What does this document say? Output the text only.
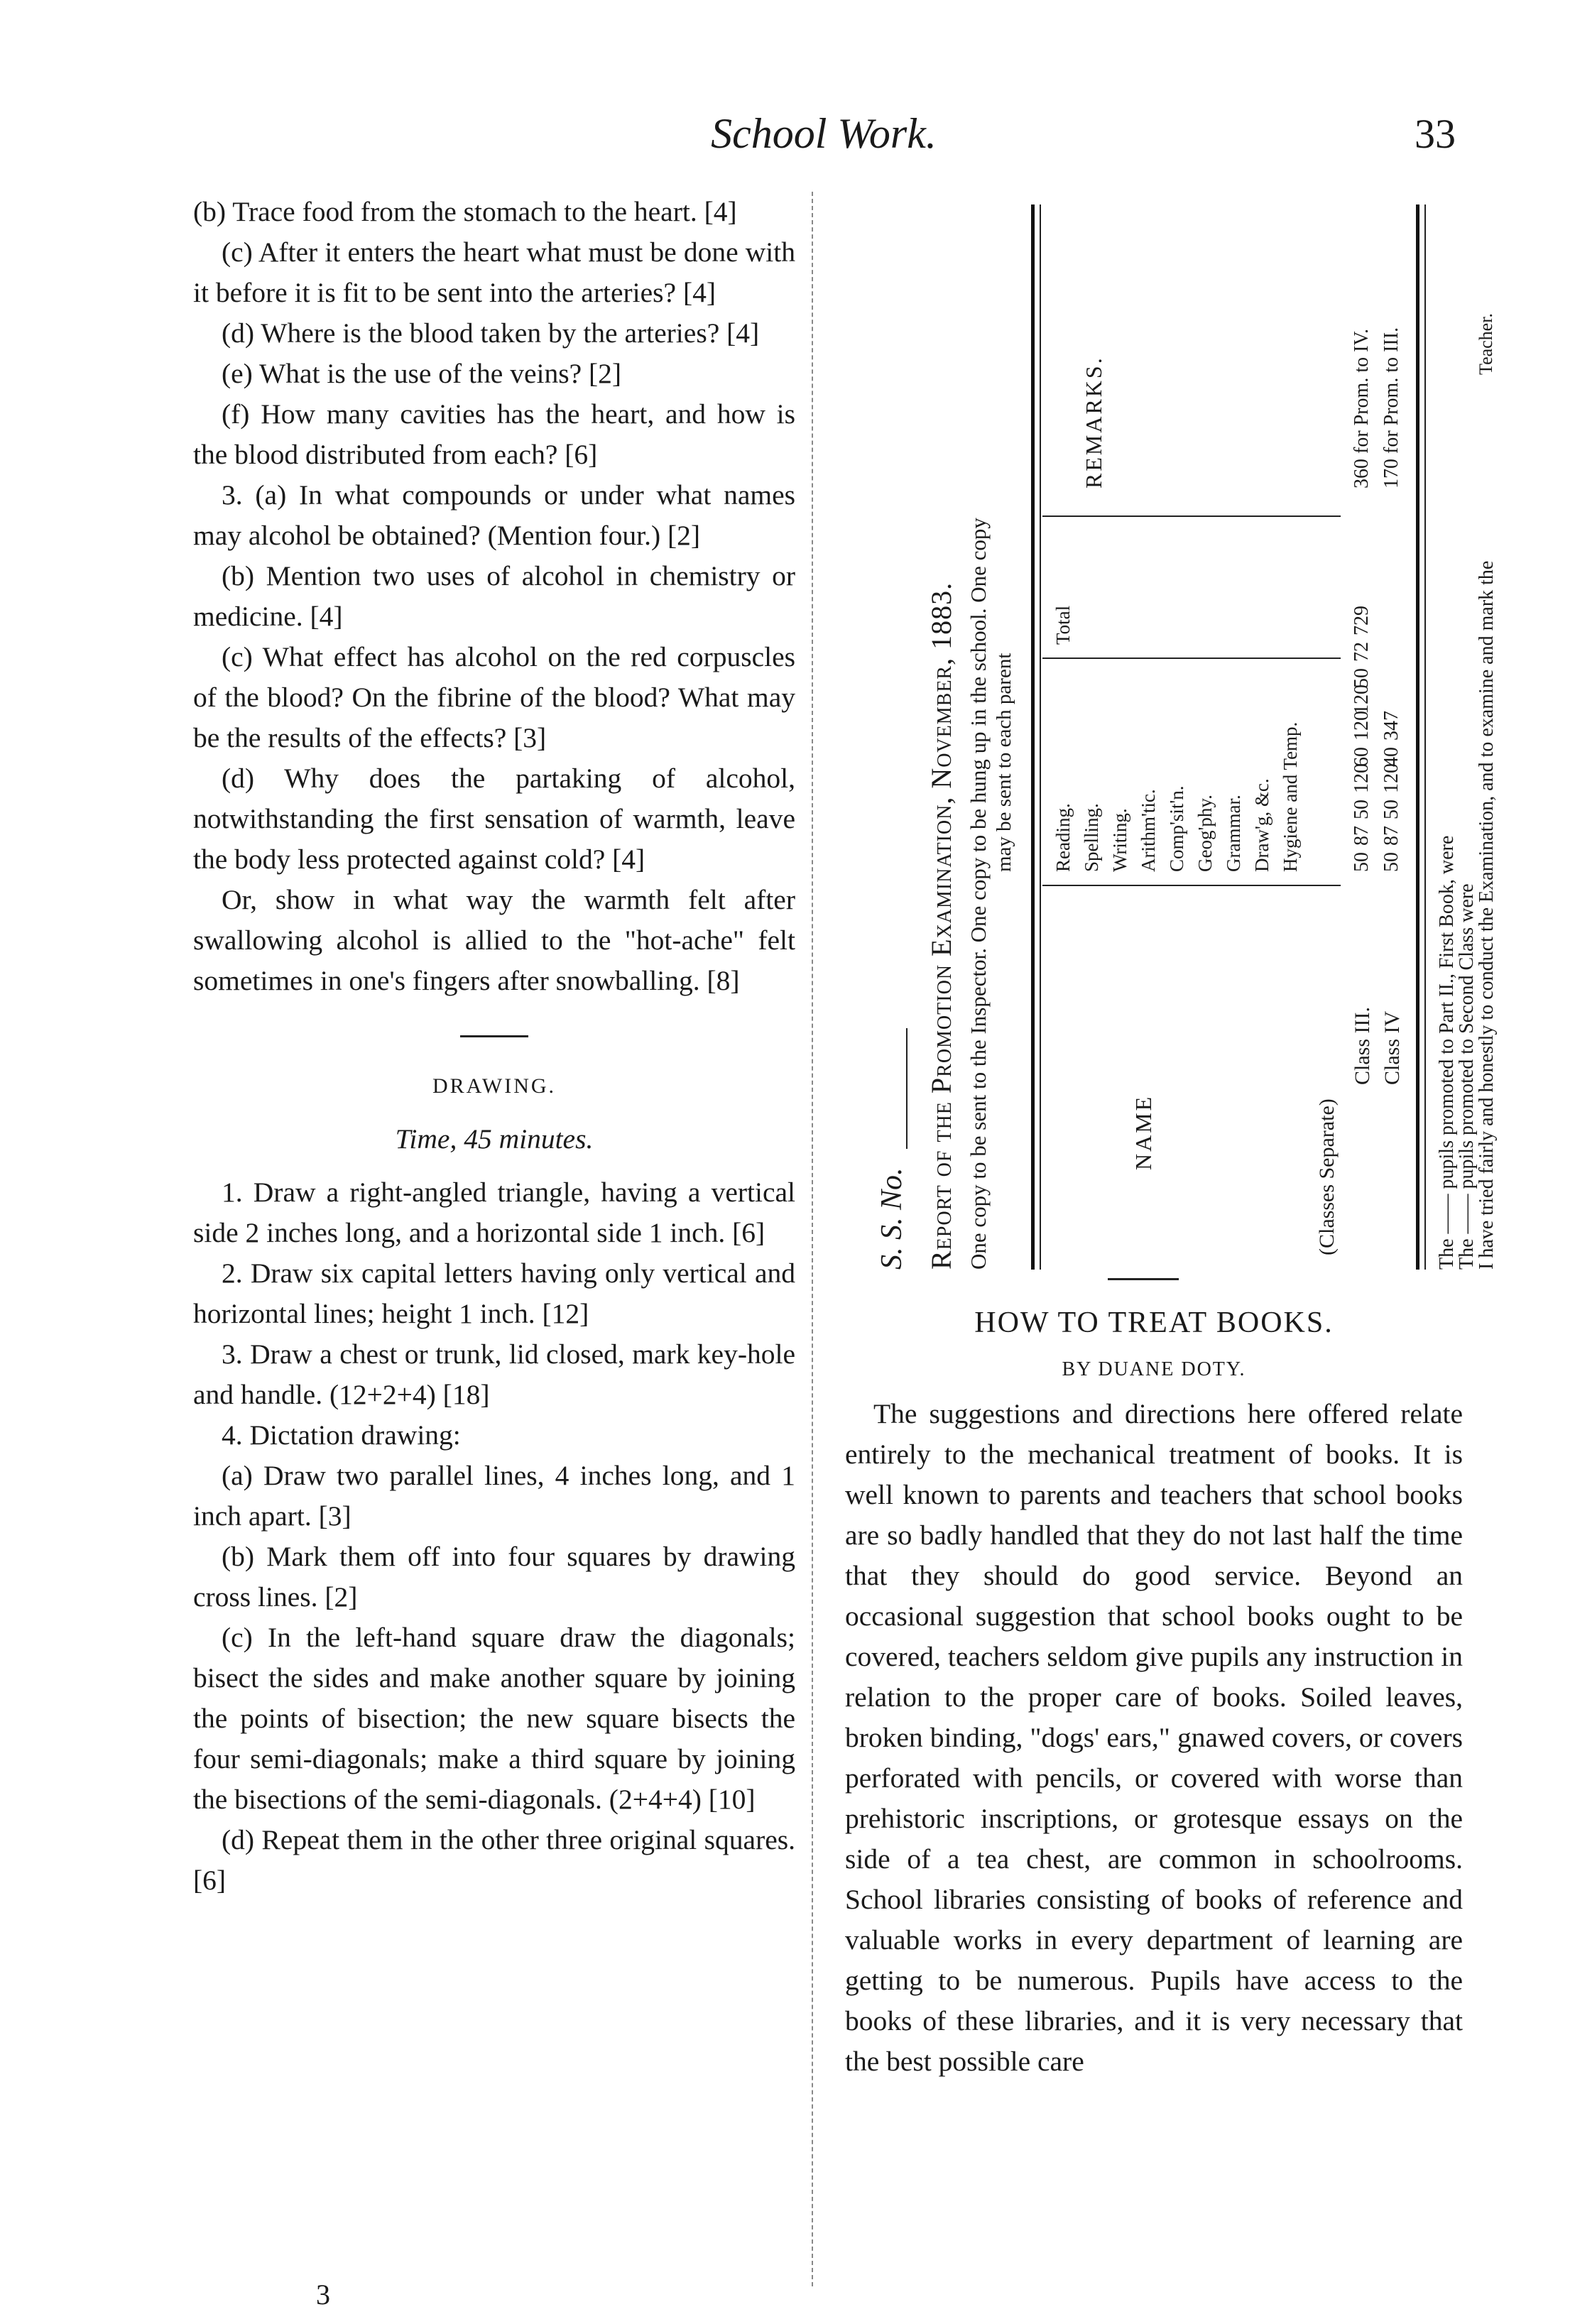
School Work.	33

(b) Trace food from the stomach to the heart. [4]

(c) After it enters the heart what must be done with it before it is fit to be sent into the arteries? [4]

(d) Where is the blood taken by the arteries? [4]

(e) What is the use of the veins? [2]

(f) How many cavities has the heart, and how is the blood distributed from each? [6]

3. (a) In what compounds or under what names may alcohol be obtained? (Mention four.) [2]

(b) Mention two uses of alcohol in chemistry or medicine. [4]

(c) What effect has alcohol on the red corpuscles of the blood? On the fibrine of the blood? What may be the results of the effects? [3]

(d) Why does the partaking of alcohol, notwithstanding the first sensation of warmth, leave the body less protected against cold? [4]

Or, show in what way the warmth felt after swallowing alcohol is allied to the "hot-ache" felt sometimes in one's fingers after snowballing. [8]

DRAWING.
Time, 45 minutes.

1. Draw a right-angled triangle, having a vertical side 2 inches long, and a horizontal side 1 inch. [6]

2. Draw six capital letters having only vertical and horizontal lines; height 1 inch. [12]

3. Draw a chest or trunk, lid closed, mark key-hole and handle. (12+2+4) [18]

4. Dictation drawing:

(a) Draw two parallel lines, 4 inches long, and 1 inch apart. [3]

(b) Mark them off into four squares by drawing cross lines. [2]

(c) In the left-hand square draw the diagonals; bisect the sides and make another square by joining the points of bisection; the new square bisects the four semi-diagonals; make a third square by joining the bisections of the semi-diagonals. (2+4+4) [10]

(d) Repeat them in the other three original squares. [6]

3
S. S. No. Report of the Promotion Examination, November, 1883. One copy to be sent to the Inspector. One copy to be hung up in the school. One copy may be sent to each parent
NAME
Reading. Spelling. Writing. Arithm'tic. Comp'sit'n. Geog'phy. Grammar. Draw'g, &c. Hygiene and Temp.
Total
REMARKS.
(Classes Separate)
Class III.
50 87 50 120 60 120 120 50 72 729
360 for Prom. to IV.
Class IV
50 87 50 120 40 347
170 for Prom. to III.
The —— pupils promoted to Part II., First Book, were
The —— pupils promoted to Second Class were
I have tried fairly and honestly to conduct the Examination, and to examine and mark the
Teacher.

HOW TO TREAT BOOKS.

BY DUANE DOTY.

The suggestions and directions here offered relate entirely to the mechanical treatment of books. It is well known to parents and teachers that school books are so badly handled that they do not last half the time that they should do good service. Beyond an occasional suggestion that school books ought to be covered, teachers seldom give pupils any instruction in relation to the proper care of books. Soiled leaves, broken binding, "dogs' ears," gnawed covers, or covers perforated with pencils, or covered with worse than prehistoric inscriptions, or grotesque essays on the side of a tea chest, are common in schoolrooms. School libraries consisting of books of reference and valuable works in every department of learning are getting to be numerous. Pupils have access to the books of these libraries, and it is very necessary that the best possible care
